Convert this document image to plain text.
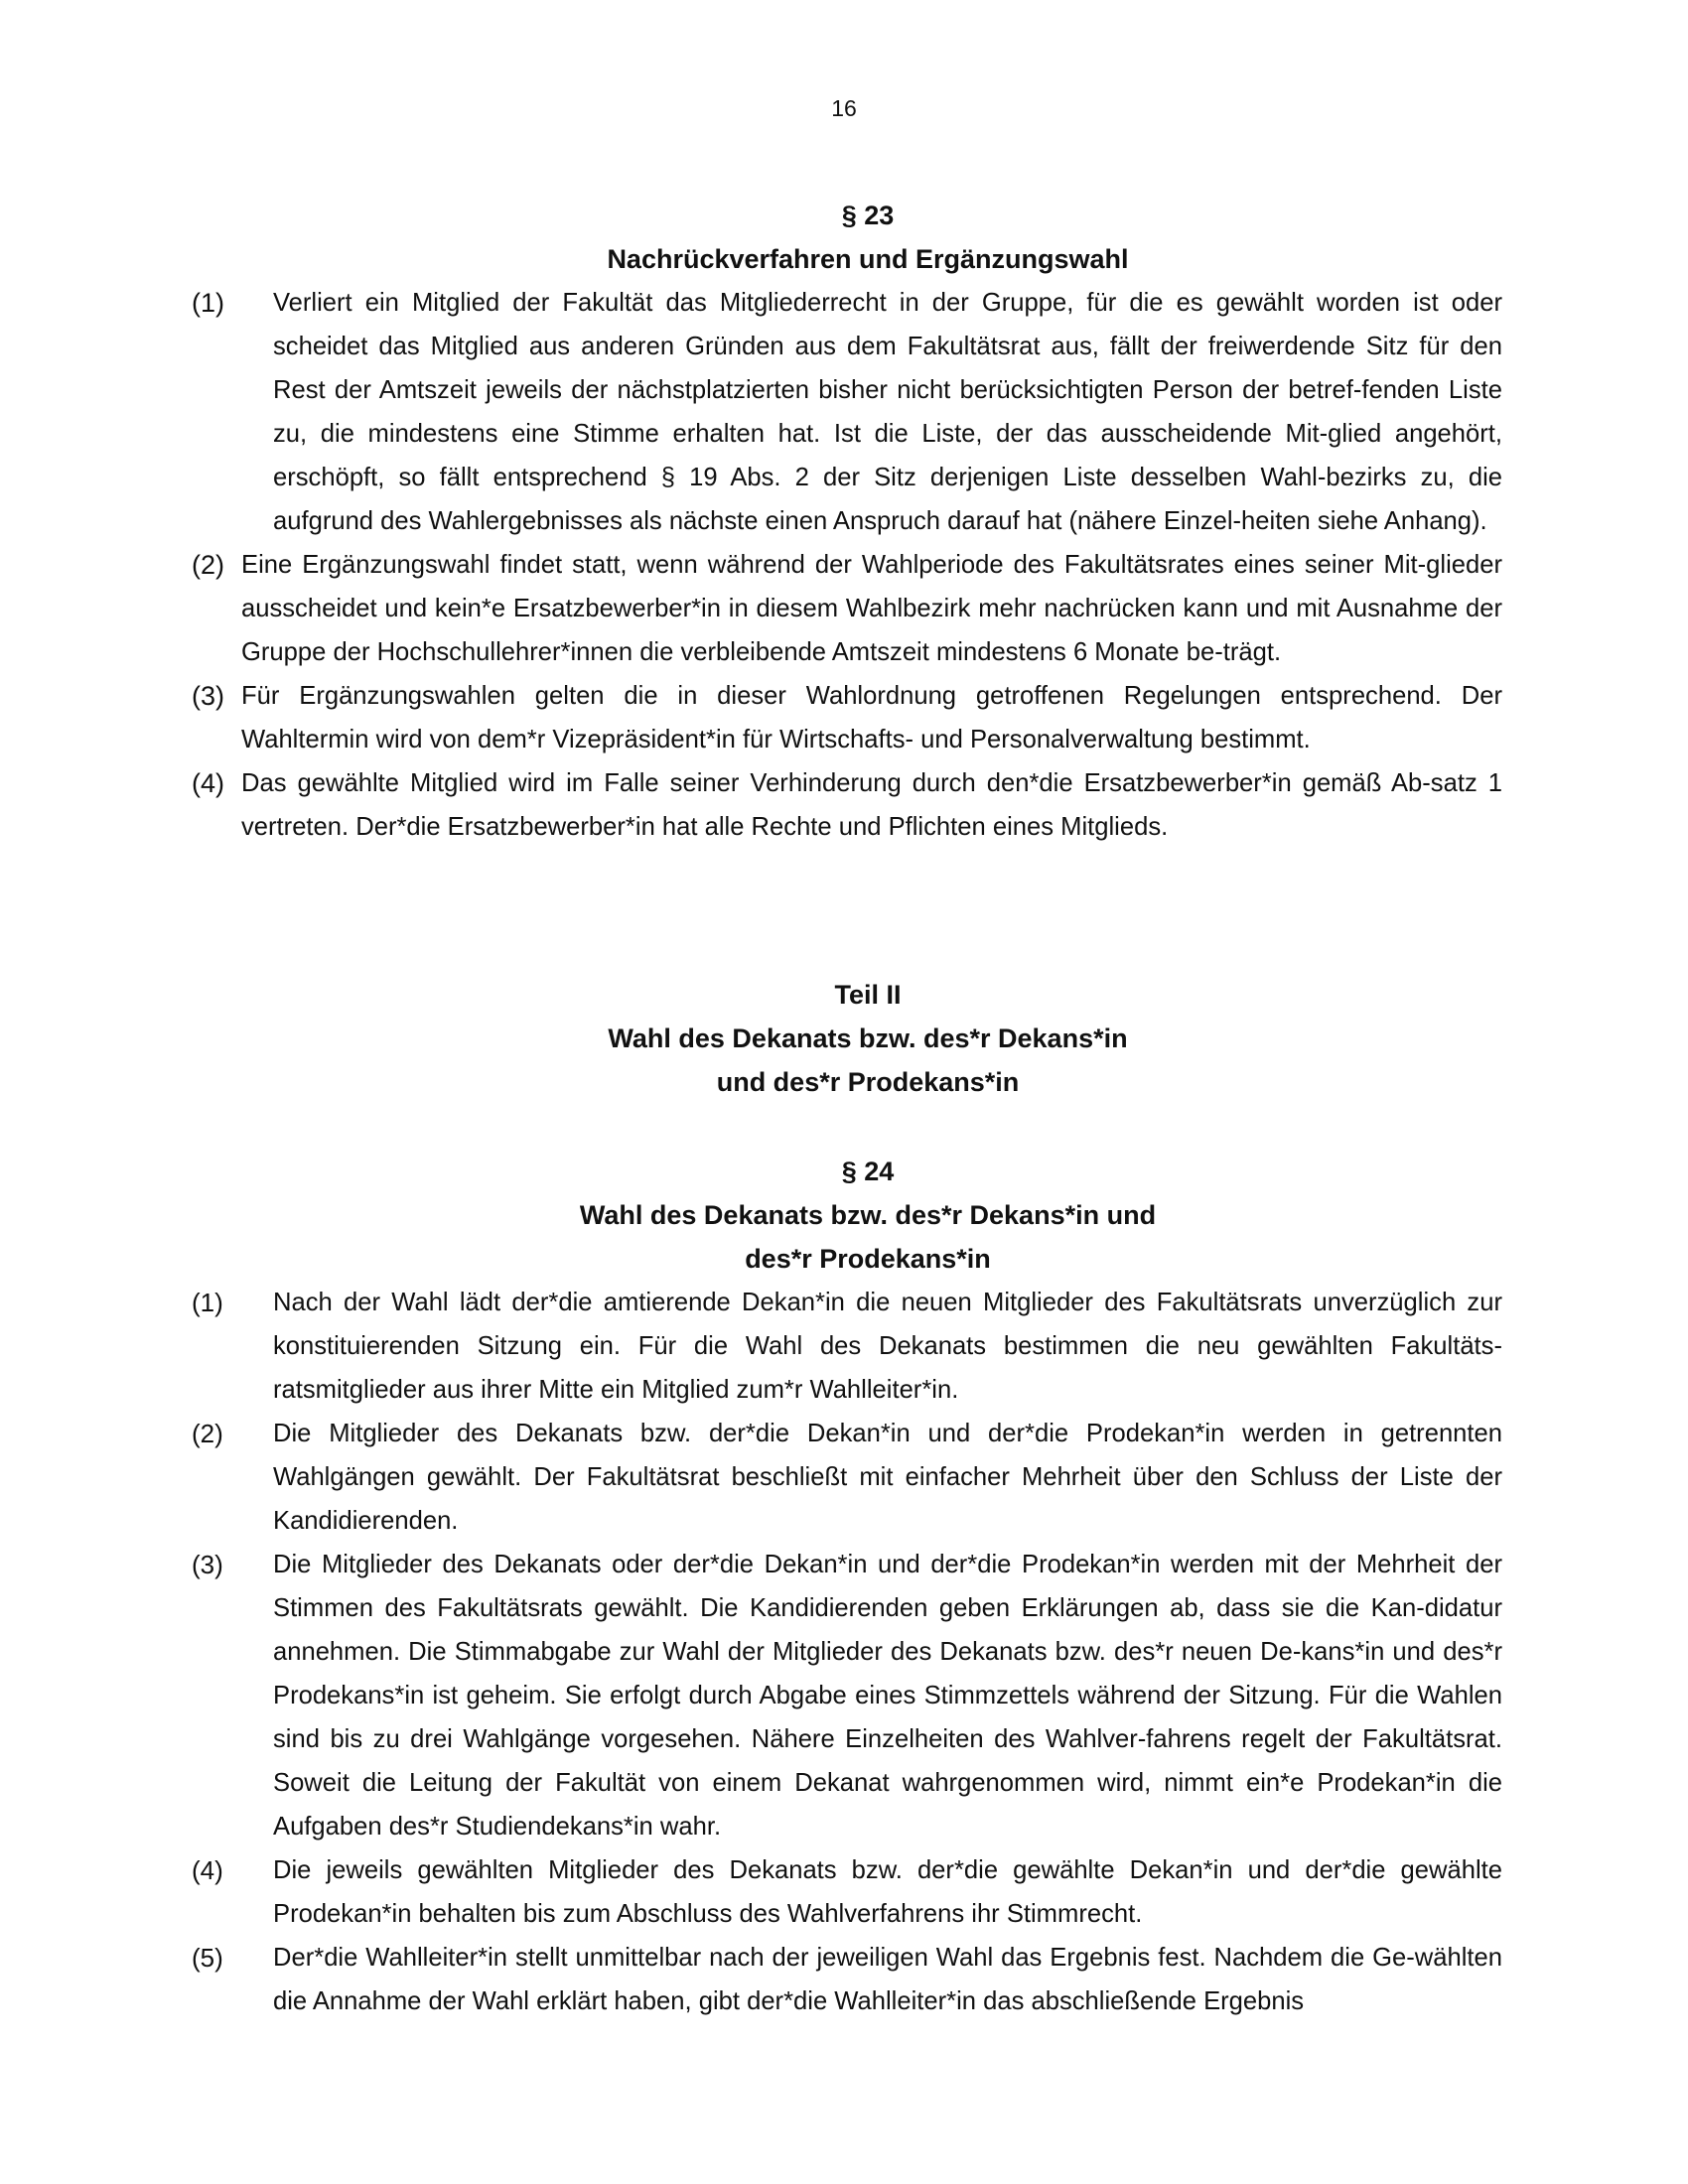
16
§ 23
Nachrückverfahren und Ergänzungswahl
(1)	Verliert ein Mitglied der Fakultät das Mitgliederrecht in der Gruppe, für die es gewählt worden ist oder scheidet das Mitglied aus anderen Gründen aus dem Fakultätsrat aus, fällt der freiwerdende Sitz für den Rest der Amtszeit jeweils der nächstplatzierten bisher nicht berücksichtigten Person der betref-fenden Liste zu, die mindestens eine Stimme erhalten hat. Ist die Liste, der das ausscheidende Mit-glied angehört, erschöpft, so fällt entsprechend § 19 Abs. 2 der Sitz derjenigen Liste desselben Wahl-bezirks zu, die aufgrund des Wahlergebnisses als nächste einen Anspruch darauf hat (nähere Einzel-heiten siehe Anhang).
(2) Eine Ergänzungswahl findet statt, wenn während der Wahlperiode des Fakultätsrates eines seiner Mit-glieder ausscheidet und kein*e Ersatzbewerber*in in diesem Wahlbezirk mehr nachrücken kann und mit Ausnahme der Gruppe der Hochschullehrer*innen die verbleibende Amtszeit mindestens 6 Monate be-trägt.
(3) Für Ergänzungswahlen gelten die in dieser Wahlordnung getroffenen Regelungen entsprechend. Der Wahltermin wird von dem*r Vizepräsident*in für Wirtschafts- und Personalverwaltung bestimmt.
(4) Das gewählte Mitglied wird im Falle seiner Verhinderung durch den*die Ersatzbewerber*in gemäß Ab-satz 1 vertreten. Der*die Ersatzbewerber*in hat alle Rechte und Pflichten eines Mitglieds.
Teil II
Wahl des Dekanats bzw. des*r Dekans*in
und des*r Prodekans*in
§ 24
Wahl des Dekanats bzw. des*r Dekans*in und
des*r Prodekans*in
(1)	Nach der Wahl lädt der*die amtierende Dekan*in die neuen Mitglieder des Fakultätsrats unverzüglich zur konstituierenden Sitzung ein. Für die Wahl des Dekanats bestimmen die neu gewählten Fakultäts-ratsmitglieder aus ihrer Mitte ein Mitglied zum*r Wahlleiter*in.
(2)	Die Mitglieder des Dekanats bzw. der*die Dekan*in und der*die Prodekan*in werden in getrennten Wahlgängen gewählt. Der Fakultätsrat beschließt mit einfacher Mehrheit über den Schluss der Liste der Kandidierenden.
(3)	Die Mitglieder des Dekanats oder der*die Dekan*in und der*die Prodekan*in werden mit der Mehrheit der Stimmen des Fakultätsrats gewählt. Die Kandidierenden geben Erklärungen ab, dass sie die Kan-didatur annehmen. Die Stimmabgabe zur Wahl der Mitglieder des Dekanats bzw. des*r neuen De-kans*in und des*r Prodekans*in ist geheim. Sie erfolgt durch Abgabe eines Stimmzettels während der Sitzung. Für die Wahlen sind bis zu drei Wahlgänge vorgesehen. Nähere Einzelheiten des Wahlver-fahrens regelt der Fakultätsrat. Soweit die Leitung der Fakultät von einem Dekanat wahrgenommen wird, nimmt ein*e Prodekan*in die Aufgaben des*r Studiendekans*in wahr.
(4)	Die jeweils gewählten Mitglieder des Dekanats bzw. der*die gewählte Dekan*in und der*die gewählte Prodekan*in behalten bis zum Abschluss des Wahlverfahrens ihr Stimmrecht.
(5)	Der*die Wahlleiter*in stellt unmittelbar nach der jeweiligen Wahl das Ergebnis fest. Nachdem die Ge-wählten die Annahme der Wahl erklärt haben, gibt der*die Wahlleiter*in das abschließende Ergebnis
